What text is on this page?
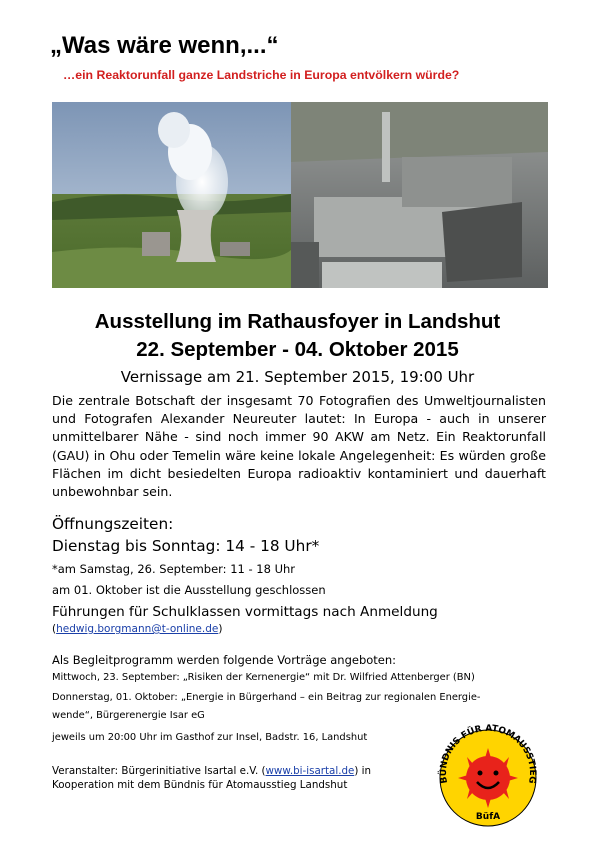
„Was wäre wenn,...“
…ein Reaktorunfall ganze Landstriche in Europa entvölkern würde?
Ausstellung im Rathausfoyer in Landshut
22. September - 04. Oktober 2015
Vernissage am 21. September 2015, 19:00 Uhr

Die zentrale Botschaft der insgesamt 70 Fotografien des Umweltjournalisten und Fotografen Alexander Neureuter lautet: In Europa - auch in unserer unmittelbarer Nähe - sind noch immer 90 AKW am Netz. Ein Reaktorunfall (GAU) in Ohu oder Temelin wäre keine lokale Angelegenheit: Es würden große Flächen im dicht besiedelten Europa radioaktiv kontaminiert und dauerhaft unbewohnbar sein.

Öffnungszeiten:
Dienstag bis Sonntag: 14 - 18 Uhr*
*am Samstag, 26. September: 11 - 18 Uhr
am 01. Oktober ist die Ausstellung geschlossen
Führungen für Schulklassen vormittags nach Anmeldung
(hedwig.borgmann@t-online.de)
Als Begleitprogramm werden folgende Vorträge angeboten:
Mittwoch, 23. September: „Risiken der Kernenergie“ mit Dr. Wilfried Attenberger (BN)
Donnerstag, 01. Oktober: „Energie in Bürgerhand – ein Beitrag zur regionalen Energie-
wende“, Bürgerenergie Isar eG
jeweils um 20:00 Uhr im Gasthof zur Insel, Badstr. 16, Landshut
Veranstalter: Bürgerinitiative Isartal e.V. (www.bi-isartal.de) in
Kooperation mit dem Bündnis für Atomausstieg Landshut	BÜNDNIS FÜR ATOMAUSSTIEG
BüfA
